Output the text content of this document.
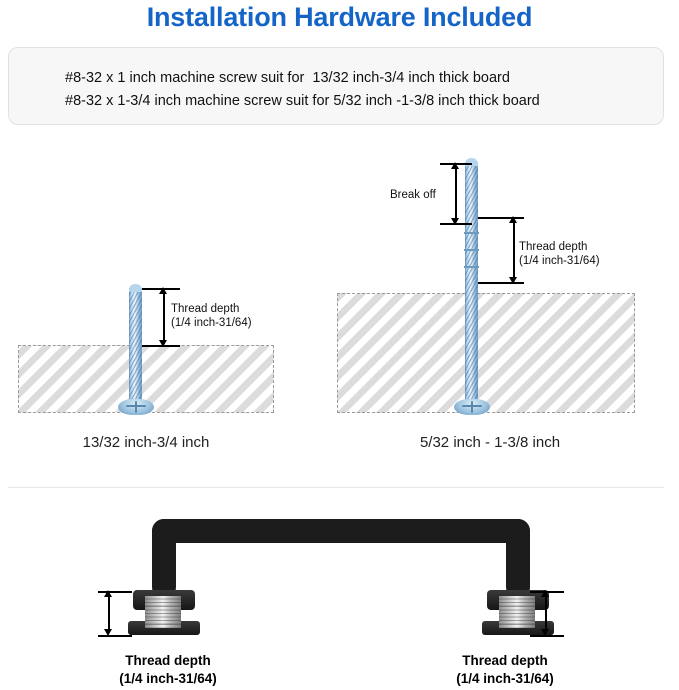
Installation Hardware Included
#8-32 x 1 inch machine screw suit for  13/32 inch-3/4 inch thick board
#8-32 x 1-3/4 inch machine screw suit for 5/32 inch -1-3/8 inch thick board
Thread depth
(1/4 inch-31/64)
13/32 inch-3/4 inch
Break off
Thread depth
(1/4 inch-31/64)
5/32 inch - 1-3/8 inch
Thread depth
(1/4 inch-31/64)
Thread depth
(1/4 inch-31/64)
